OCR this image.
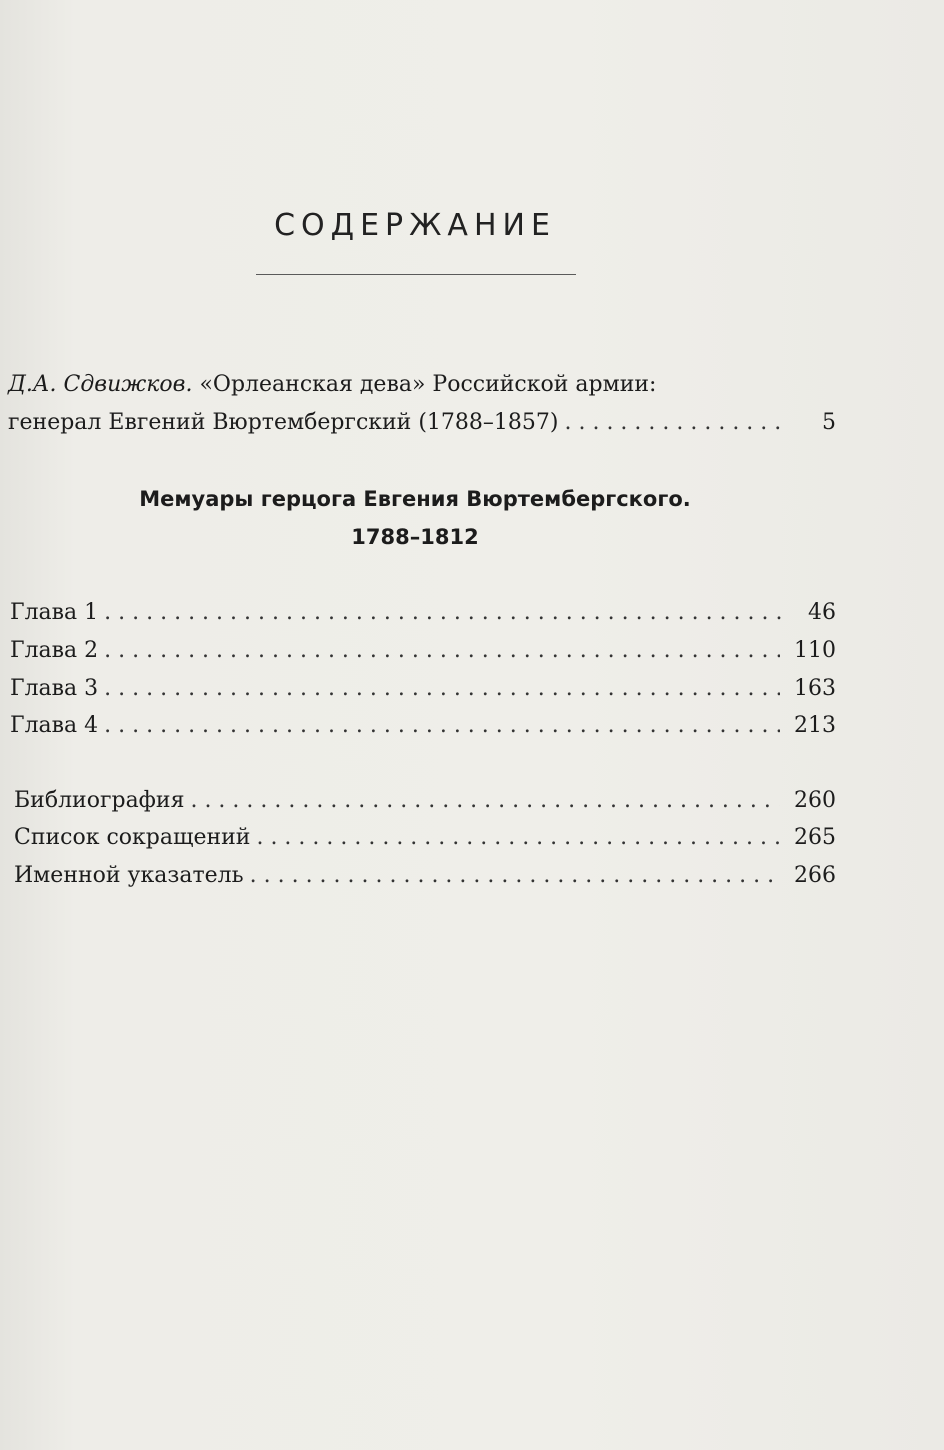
СОДЕРЖАНИЕ
Д.А. Сдвижков. «Орлеанская дева» Российской армии:
генерал Евгений Вюртембергский (1788–1857) . . .	5
Мемуары герцога Евгения Вюртембергского.
1788–1812
Глава 1 . . .	46
Глава 2 . . .	110
Глава 3 . . .	163
Глава 4 . . .	213
Библиография . . .	260
Список сокращений . . .	265
Именной указатель . . .	266
